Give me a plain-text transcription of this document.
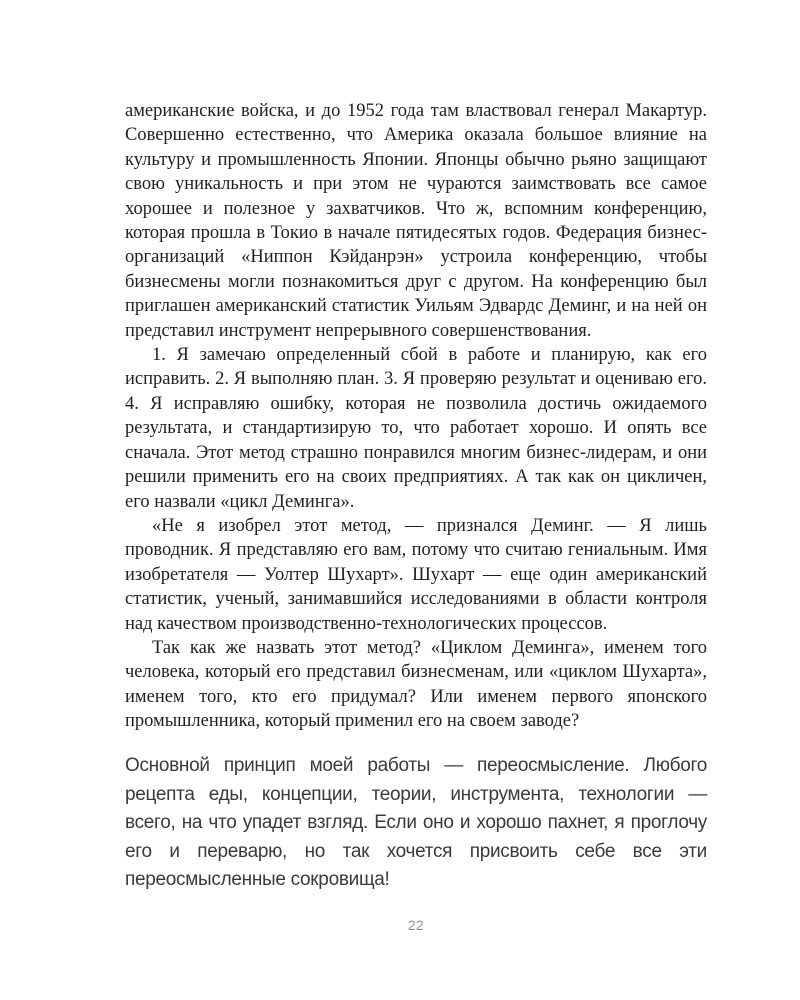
американские войска, и до 1952 года там властвовал генерал Макартур. Совершенно естественно, что Америка оказала большое влияние на культуру и промышленность Японии. Японцы обычно рьяно защищают свою уникальность и при этом не чураются заимствовать все самое хорошее и полезное у захватчиков. Что ж, вспомним конференцию, которая прошла в Токио в начале пятидесятых годов. Федерация бизнес-организаций «Ниппон Кэйданрэн» устроила конференцию, чтобы бизнесмены могли познакомиться друг с другом. На конференцию был приглашен американский статистик Уильям Эдвардс Деминг, и на ней он представил инструмент непрерывного совершенствования.

1. Я замечаю определенный сбой в работе и планирую, как его исправить. 2. Я выполняю план. 3. Я проверяю результат и оцениваю его. 4. Я исправляю ошибку, которая не позволила достичь ожидаемого результата, и стандартизирую то, что работает хорошо. И опять все сначала. Этот метод страшно понравился многим бизнес-лидерам, и они решили применить его на своих предприятиях. А так как он цикличен, его назвали «цикл Деминга».

«Не я изобрел этот метод, — признался Деминг. — Я лишь проводник. Я представляю его вам, потому что считаю гениальным. Имя изобретателя — Уолтер Шухарт». Шухарт — еще один американский статистик, ученый, занимавшийся исследованиями в области контроля над качеством производственно-технологических процессов.

Так как же назвать этот метод? «Циклом Деминга», именем того человека, который его представил бизнесменам, или «циклом Шухарта», именем того, кто его придумал? Или именем первого японского промышленника, который применил его на своем заводе?

Основной принцип моей работы — переосмысление. Любого рецепта еды, концепции, теории, инструмента, технологии — всего, на что упадет взгляд. Если оно и хорошо пахнет, я проглочу его и переварю, но так хочется присвоить себе все эти переосмысленные сокровища!

22
